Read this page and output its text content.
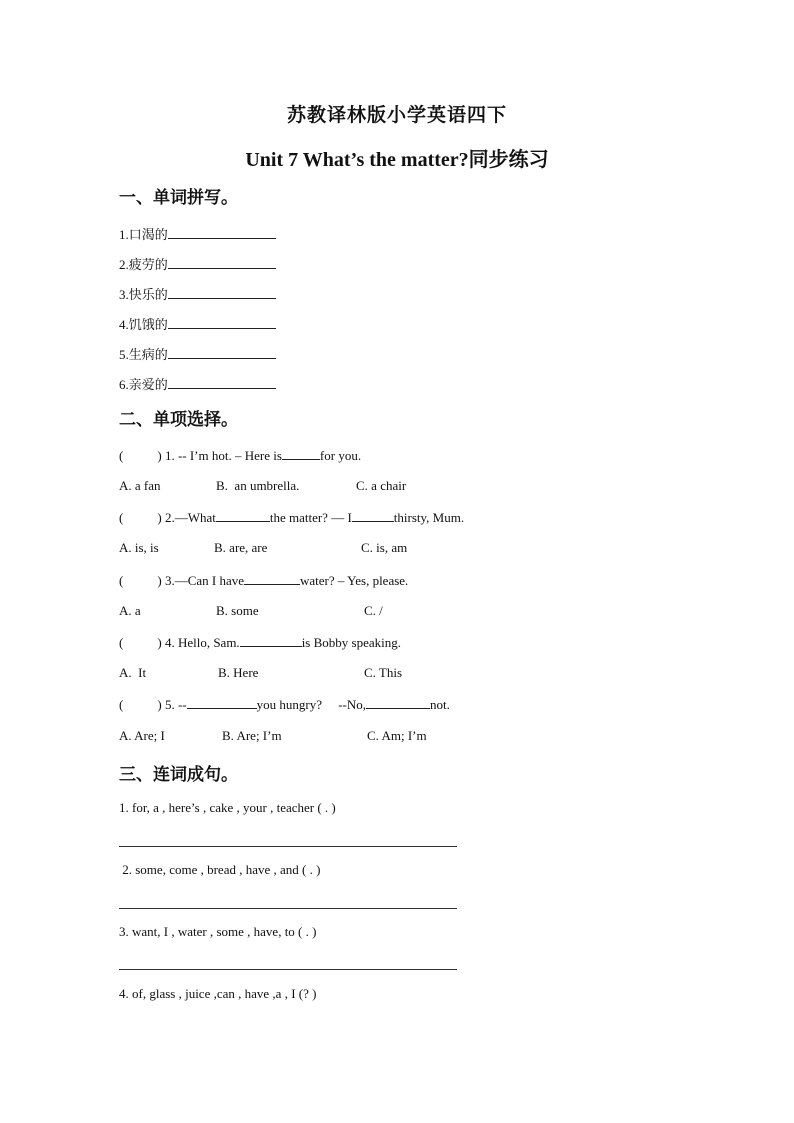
苏教译林版小学英语四下
Unit 7 What’s the matter?同步练习
一、单词拼写。
1.口渴的
2.疲劳的
3.快乐的
4.饥饿的
5.生病的
6.亲爱的
二、单项选择。
(	) 1. -- I’m hot. – Here is	for you.
A. a fan	B.  an umbrella.	C. a chair
(	) 2.—What	the matter? — I	thirsty, Mum.
A. is, is	B. are, are	C. is, am
(	) 3.—Can I have	water? – Yes, please.
A. a	B. some	C. /
(	) 4. Hello, Sam.	is Bobby speaking.
A.  It	B. Here	C. This
(	) 5. --	you hungry?     --No,	not.
A. Are; I	B. Are; I’m	C. Am; I’m
三、连词成句。
1. for, a , here’s , cake , your , teacher ( . )
2. some, come , bread , have , and ( . )
3. want, I , water , some , have, to ( . )
4. of, glass , juice ,can , have ,a , I (? )
